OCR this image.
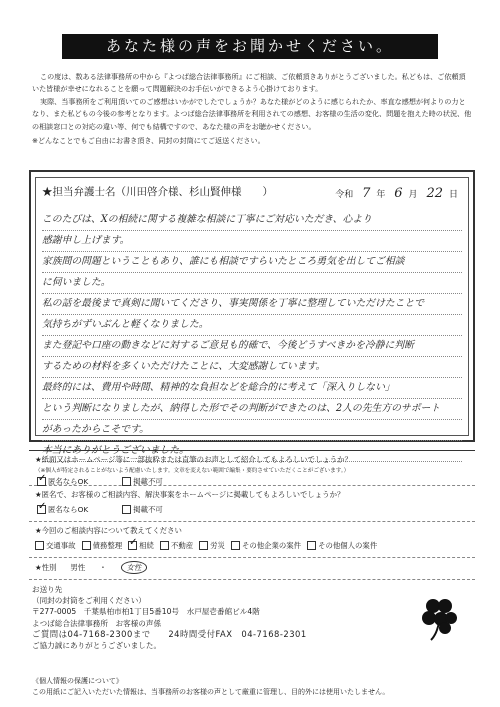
あなた様の声をお聞かせください。

この度は、数ある法律事務所の中から『よつば総合法律事務所』にご相談、ご依頼頂きありがとうございました。私どもは、ご依頼頂いた皆様が幸せになれることを願って問題解決のお手伝いができるよう心掛けております。

実際、当事務所をご利用頂いてのご感想はいかがでしたでしょうか？あなた様がどのように感じられたか、率直な感想が何よりの力となり、また私どもの今後の参考となります。よつば総合法律事務所を利用されての感想、お客様の生活の変化、問題を抱えた時の状況、他の相談窓口との対応の違い等、何でも結構ですので、あなた様の声をお聴かせください。

※どんなことでもご自由にお書き頂き、同封の封筒にてご返送ください。

★担当弁護士名（川田啓介様、杉山賢伸様　　）	令和 7 年 6 月 22 日
このたびは、Xの相続に関する複雑な相談に丁寧にご対応いただき、心より
感謝申し上げます。
家族間の問題ということもあり、誰にも相談ですらいたところ勇気を出してご相談
に伺いました。
私の話を最後まで真剣に聞いてくださり、事実関係を丁寧に整理していただけたことで
気持ちがずいぶんと軽くなりました。
また登記や口座の動きなどに対するご意見も的確で、今後どうすべきかを冷静に判断
するための材料を多くいただけたことに、大変感謝しています。
最終的には、費用や時間、精神的な負担などを総合的に考えて「深入りしない」
という判断になりましたが、納得した形でその判断ができたのは、2人の先生方のサポート
があったからこそです。
本当にありがとうございました。
★紙面又はホームページ等に一部抜粋または直筆のお声として紹介してもよろしいでしょうか？
（※個人が特定されることがないよう配慮いたします。文章を変えない範囲で編集・要約させていただくことがございます。）
✓
匿名ならOK	掲載不可
★匿名で、お客様のご相談内容、解決事案をホームページに掲載してもよろしいでしょうか？
✓
匿名ならOK	掲載不可
★今回のご相談内容について教えてください
交通事故 債務整理
✓ 相続 不動産 労災 その他企業の案件 その他個人の案件
★性別 男性 ・	女性
お送り先
（同封の封筒をご利用ください）
〒277-0005　千葉県柏市柏1丁目5番10号　水戸屋壱番館ビル4階
よつば総合法律事務所　お客様の声係
ご質問は04-7168-2300まで　　24時間受付FAX　04-7168-2301
ご協力誠にありがとうございました。
《個人情報の保護について》
この用紙にご記入いただいた情報は、当事務所のお客様の声として厳重に管理し、目的外には使用いたしません。
